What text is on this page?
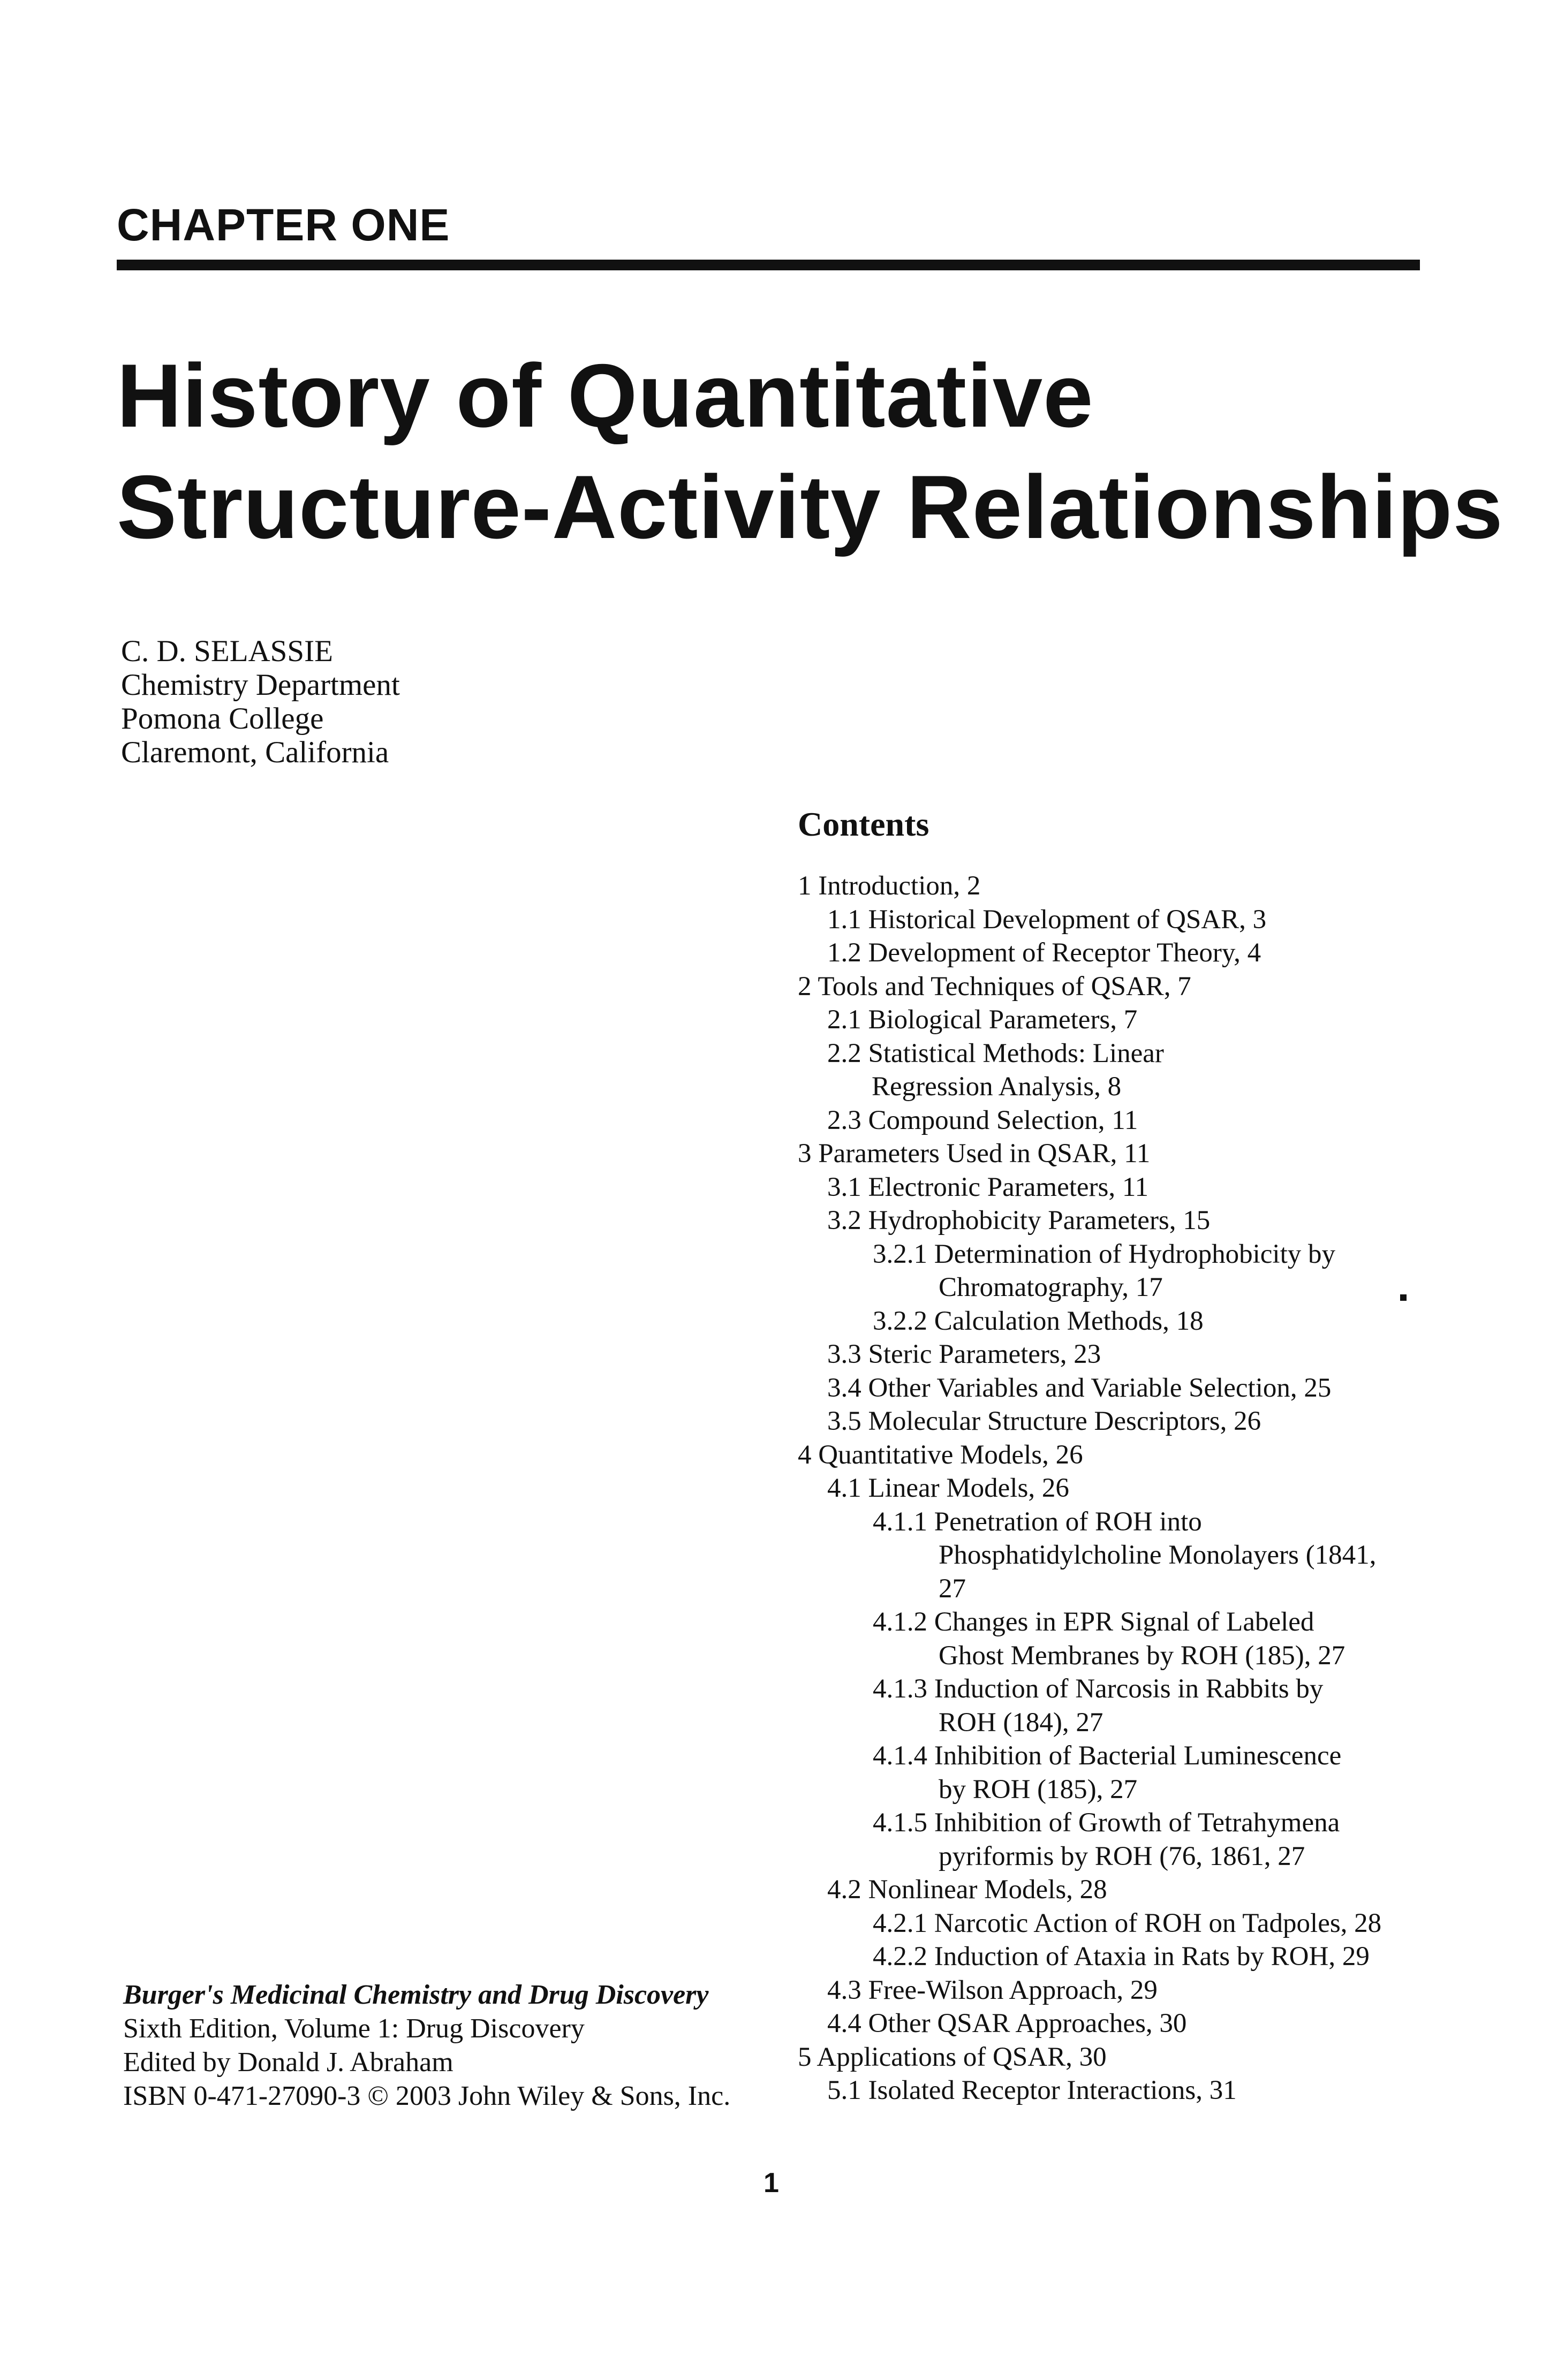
CHAPTER ONE
History of Quantitative
Structure-Activity Relationships
C. D. SELASSIE
Chemistry Department
Pomona College
Claremont, California
Contents
1 Introduction, 2
1.1 Historical Development of QSAR, 3
1.2 Development of Receptor Theory, 4
2 Tools and Techniques of QSAR, 7
2.1 Biological Parameters, 7
2.2 Statistical Methods: Linear
Regression Analysis, 8
2.3 Compound Selection, 11
3 Parameters Used in QSAR, 11
3.1 Electronic Parameters, 11
3.2 Hydrophobicity Parameters, 15
3.2.1 Determination of Hydrophobicity by
Chromatography, 17
3.2.2 Calculation Methods, 18
3.3 Steric Parameters, 23
3.4 Other Variables and Variable Selection, 25
3.5 Molecular Structure Descriptors, 26
4 Quantitative Models, 26
4.1 Linear Models, 26
4.1.1 Penetration of ROH into
Phosphatidylcholine Monolayers (1841,
27
4.1.2 Changes in EPR Signal of Labeled
Ghost Membranes by ROH (185), 27
4.1.3 Induction of Narcosis in Rabbits by
ROH (184), 27
4.1.4 Inhibition of Bacterial Luminescence
by ROH (185), 27
4.1.5 Inhibition of Growth of Tetrahymena
pyriformis by ROH (76, 1861, 27
4.2 Nonlinear Models, 28
4.2.1 Narcotic Action of ROH on Tadpoles, 28
4.2.2 Induction of Ataxia in Rats by ROH, 29
4.3 Free-Wilson Approach, 29
4.4 Other QSAR Approaches, 30
5 Applications of QSAR, 30
5.1 Isolated Receptor Interactions, 31
Burger's Medicinal Chemistry and Drug Discovery
Sixth Edition, Volume 1: Drug Discovery
Edited by Donald J. Abraham
ISBN 0-471-27090-3 © 2003 John Wiley & Sons, Inc.
1
